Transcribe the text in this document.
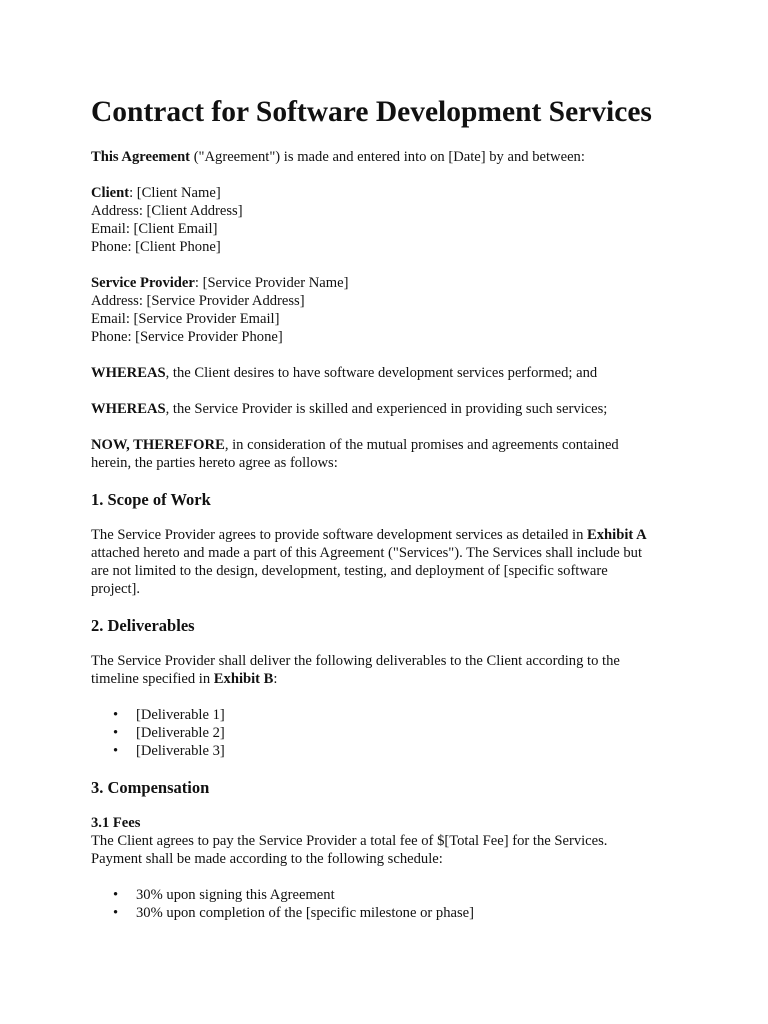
Contract for Software Development Services

This Agreement ("Agreement") is made and entered into on [Date] by and between:

Client: [Client Name]
Address: [Client Address]
Email: [Client Email]
Phone: [Client Phone]
Service Provider: [Service Provider Name]
Address: [Service Provider Address]
Email: [Service Provider Email]
Phone: [Service Provider Phone]

WHEREAS, the Client desires to have software development services performed; and

WHEREAS, the Service Provider is skilled and experienced in providing such services;

NOW, THEREFORE, in consideration of the mutual promises and agreements contained
herein, the parties hereto agree as follows:

1. Scope of Work

The Service Provider agrees to provide software development services as detailed in Exhibit A
attached hereto and made a part of this Agreement ("Services"). The Services shall include but
are not limited to the design, development, testing, and deployment of [specific software
project].

2. Deliverables

The Service Provider shall deliver the following deliverables to the Client according to the
timeline specified in Exhibit B:

• [Deliverable 1]
• [Deliverable 2]
• [Deliverable 3]
3. Compensation
3.1 Fees

The Client agrees to pay the Service Provider a total fee of $[Total Fee] for the Services.
Payment shall be made according to the following schedule:

• 30% upon signing this Agreement
• 30% upon completion of the [specific milestone or phase]
